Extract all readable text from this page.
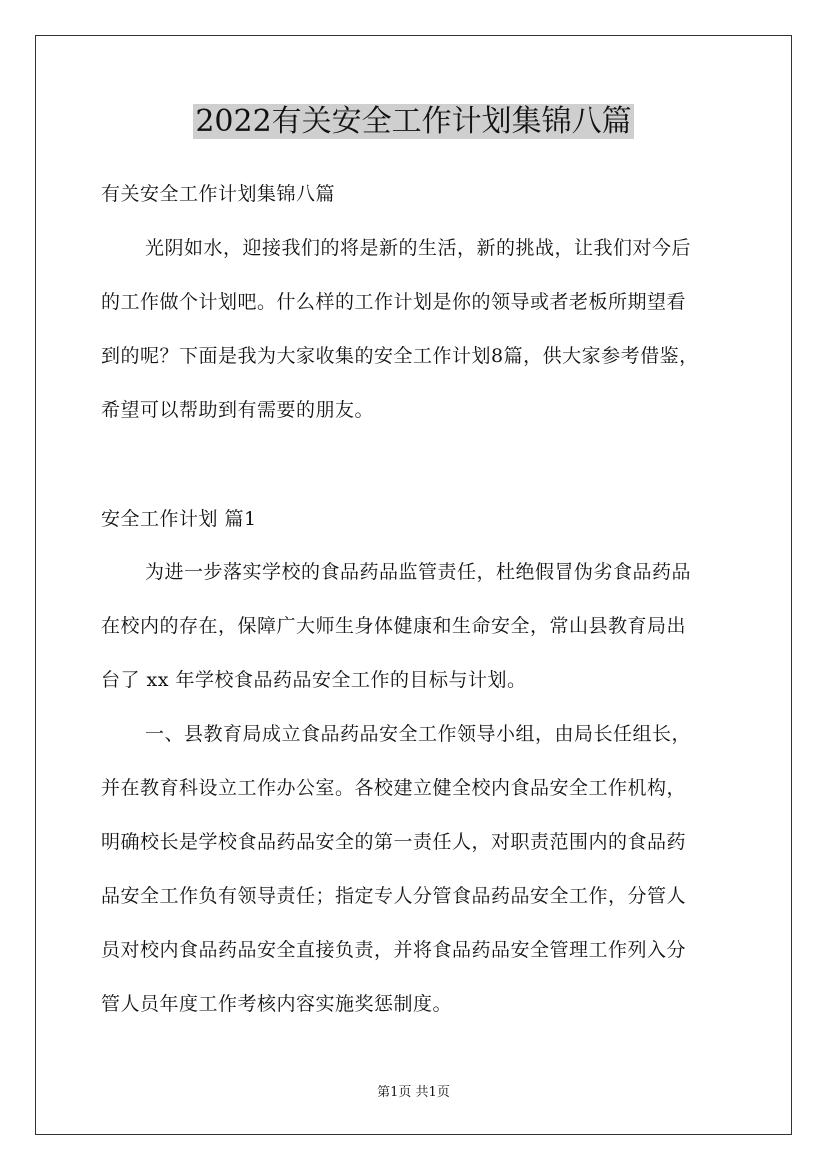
2022有关安全工作计划集锦八篇
有关安全工作计划集锦八篇
光阴如水，迎接我们的将是新的生活，新的挑战，让我们对今后
的工作做个计划吧。什么样的工作计划是你的领导或者老板所期望看
到的呢？下面是我为大家收集的安全工作计划8篇，供大家参考借鉴，
希望可以帮助到有需要的朋友。
安全工作计划 篇1
为进一步落实学校的食品药品监管责任，杜绝假冒伪劣食品药品
在校内的存在，保障广大师生身体健康和生命安全，常山县教育局出
台了 xx 年学校食品药品安全工作的目标与计划。
一、县教育局成立食品药品安全工作领导小组，由局长任组长，
并在教育科设立工作办公室。各校建立健全校内食品安全工作机构，
明确校长是学校食品药品安全的第一责任人，对职责范围内的食品药
品安全工作负有领导责任；指定专人分管食品药品安全工作，分管人
员对校内食品药品安全直接负责，并将食品药品安全管理工作列入分
管人员年度工作考核内容实施奖惩制度。
第1页 共1页
